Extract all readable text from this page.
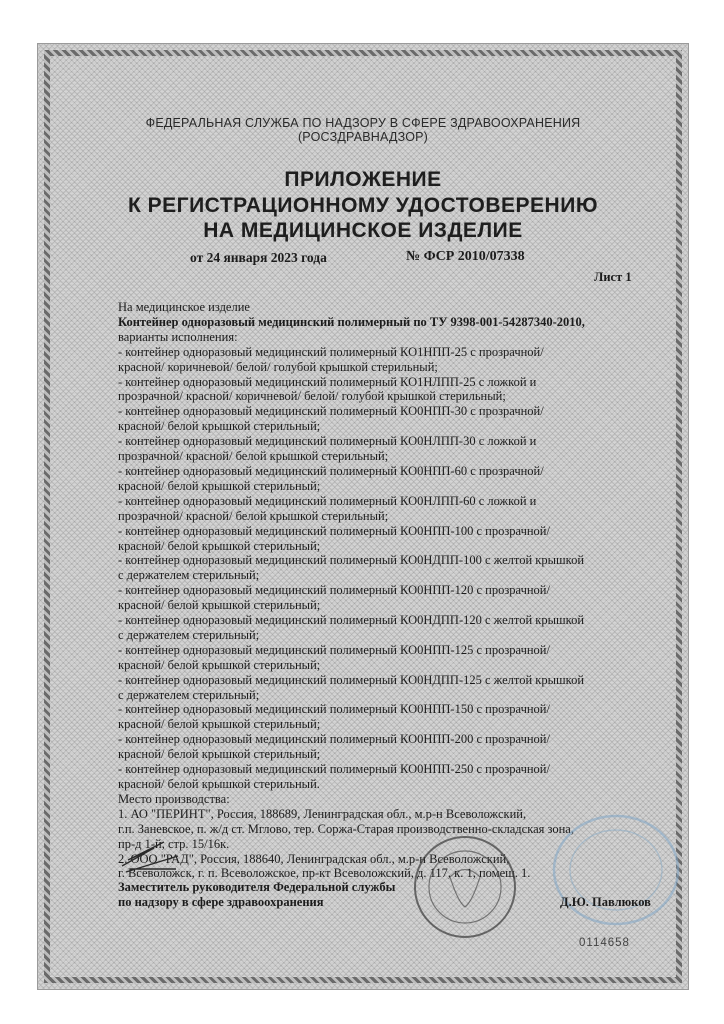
ФЕДЕРАЛЬНАЯ СЛУЖБА ПО НАДЗОРУ В СФЕРЕ ЗДРАВООХРАНЕНИЯ
(РОСЗДРАВНАДЗОР)
ПРИЛОЖЕНИЕ
К РЕГИСТРАЦИОННОМУ УДОСТОВЕРЕНИЮ
НА МЕДИЦИНСКОЕ ИЗДЕЛИЕ
от 24 января 2023 года	№ ФСР 2010/07338
Лист 1
На медицинское изделие
Контейнер одноразовый медицинский полимерный по ТУ 9398-001-54287340-2010,
варианты исполнения:
- контейнер одноразовый медицинский полимерный КО1НПП-25 с прозрачной/
красной/ коричневой/ белой/ голубой крышкой стерильный;
- контейнер одноразовый медицинский полимерный КО1НЛПП-25 с ложкой и
прозрачной/ красной/ коричневой/ белой/ голубой крышкой стерильный;
- контейнер одноразовый медицинский полимерный КО0НПП-30 с прозрачной/
красной/ белой крышкой стерильный;
- контейнер одноразовый медицинский полимерный КО0НЛПП-30 с ложкой и
прозрачной/ красной/ белой крышкой стерильный;
- контейнер одноразовый медицинский полимерный КО0НПП-60 с прозрачной/
красной/ белой крышкой стерильный;
- контейнер одноразовый медицинский полимерный КО0НЛПП-60 с ложкой и
прозрачной/ красной/ белой крышкой стерильный;
- контейнер одноразовый медицинский полимерный КО0НПП-100 с прозрачной/
красной/ белой крышкой стерильный;
- контейнер одноразовый медицинский полимерный КО0НДПП-100 с желтой крышкой
с держателем стерильный;
- контейнер одноразовый медицинский полимерный КО0НПП-120 с прозрачной/
красной/ белой крышкой стерильный;
- контейнер одноразовый медицинский полимерный КО0НДПП-120 с желтой крышкой
с держателем стерильный;
- контейнер одноразовый медицинский полимерный КО0НПП-125 с прозрачной/
красной/ белой крышкой стерильный;
- контейнер одноразовый медицинский полимерный КО0НДПП-125 с желтой крышкой
с держателем стерильный;
- контейнер одноразовый медицинский полимерный КО0НПП-150 с прозрачной/
красной/ белой крышкой стерильный;
- контейнер одноразовый медицинский полимерный КО0НПП-200 с прозрачной/
красной/ белой крышкой стерильный;
- контейнер одноразовый медицинский полимерный КО0НПП-250 с прозрачной/
красной/ белой крышкой стерильный.
Место производства:
1. АО "ПЕРИНТ", Россия, 188689, Ленинградская обл., м.р-н Всеволожский,
г.п. Заневское, п. ж/д ст. Мглово, тер. Соржа-Старая производственно-складская зона,
пр-д 1-й, стр. 15/16к.
2. ООО "РАД", Россия, 188640, Ленинградская обл., м.р-н Всеволожский,
г. Всеволожск, г. п. Всеволожское, пр-кт Всеволожский, д. 117, к. 1, помещ. 1.
Заместитель руководителя Федеральной службы
по надзору в сфере здравоохранения	Д.Ю. Павлюков
0114658
